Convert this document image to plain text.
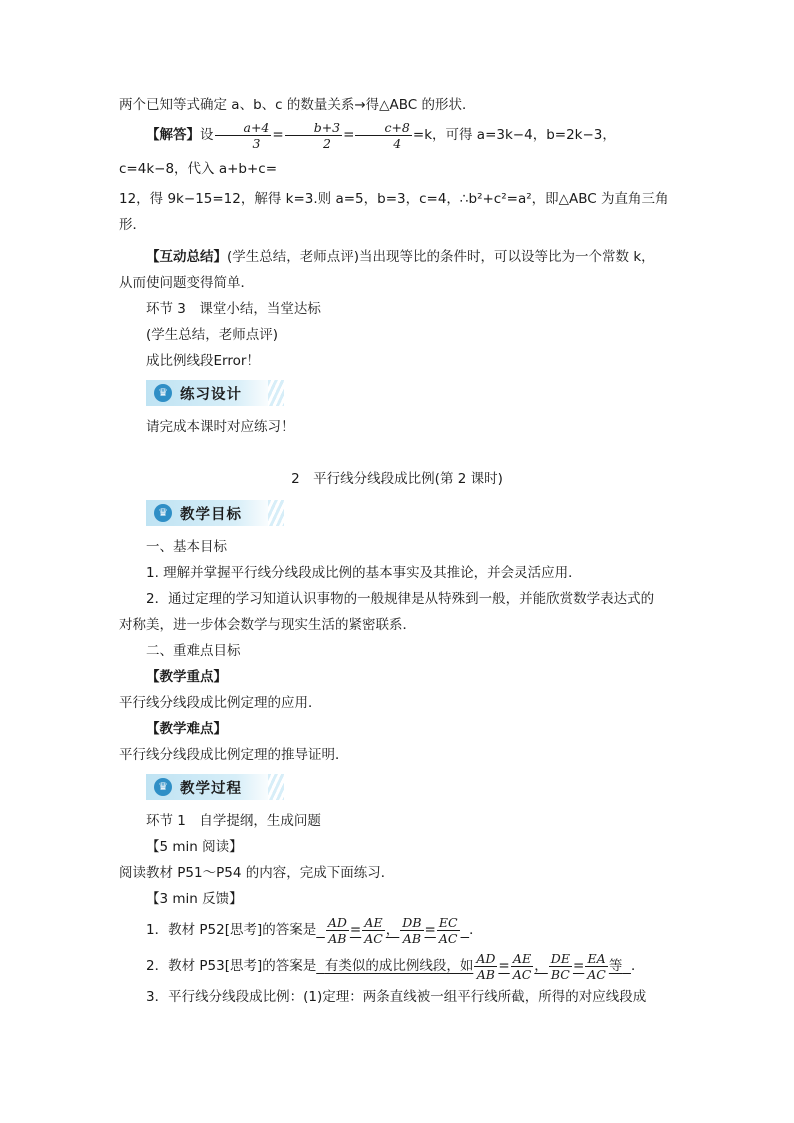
两个已知等式确定 a、b、c 的数量关系→得△ABC 的形状．

【解答】设 $\frac{a+4}{3} = \frac{b+3}{2} = \frac{c+8}{4} =k$，可得 a=3k−4，b=2k−3，c=4k−8，代入 a+b+c=

12，得 9k−15=12，解得 k=3.则 a=5，b=3，c=4，∴b²+c²=a²，即△ABC 为直角三角

形．

【互动总结】(学生总结，老师点评)当出现等比的条件时，可以设等比为一个常数 k，

从而使问题变得简单．

环节 3　课堂小结，当堂达标

(学生总结，老师点评)

成比例线段Error！

♛ 练习设计

请完成本课时对应练习！

2　平行线分线段成比例(第 2 课时)

♛ 教学目标

一、基本目标

1. 理解并掌握平行线分线段成比例的基本事实及其推论，并会灵活应用．

2．通过定理的学习知道认识事物的一般规律是从特殊到一般，并能欣赏数学表达式的

对称美，进一步体会数学与现实生活的紧密联系．

二、重难点目标

【教学重点】

平行线分线段成比例定理的应用．

【教学难点】

平行线分线段成比例定理的推导证明．

♛ 教学过程

环节 1　自学提纲，生成问题

【5 min 阅读】

阅读教材 P51～P54 的内容，完成下面练习．

【3 min 反馈】

1．教材 P52[思考]的答案是 $\frac{AD}{AB} = \frac{AE}{AC}$ ， $\frac{DB}{AB} = \frac{EC}{AC}$ ．

2．教材 P53[思考]的答案是 有类似的成比例线段，如 $\frac{AD}{AB} = \frac{AE}{AC}$ ， $\frac{DE}{BC} = \frac{EA}{AC}$ 等 ．

3．平行线分线段成比例：(1)定理：两条直线被一组平行线所截，所得的对应线段成
